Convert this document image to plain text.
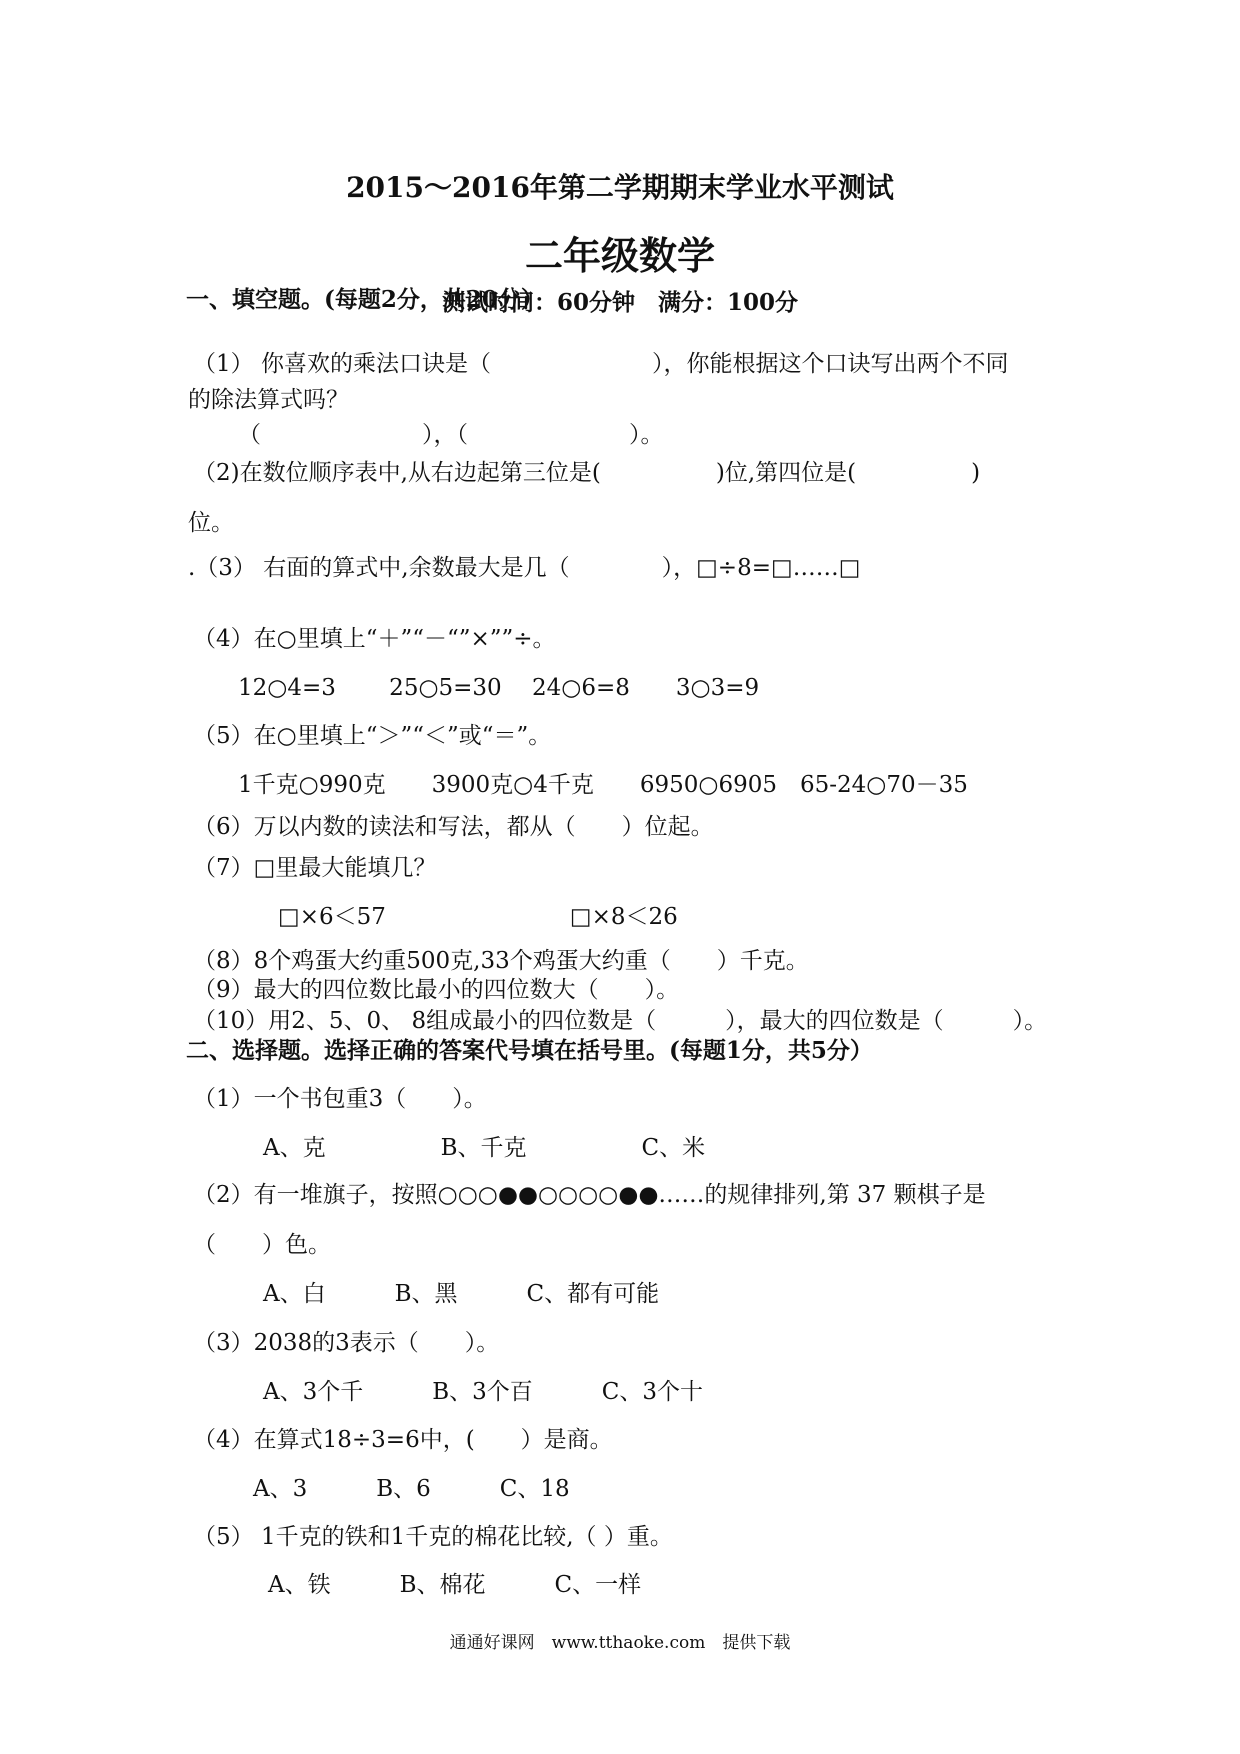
2015～2016年第二学期期末学业水平测试
二年级数学
测试时间：60分钟　满分：100分
一、填空题。(每题2分，共20分）
（1） 你喜欢的乘法口诀是（　　　　　　　），你能根据这个口诀写出两个不同
的除法算式吗？
（　　　　　　　），（　　　　　　　）。
（2)在数位顺序表中,从右边起第三位是(　　　　　)位,第四位是(　　　　　)
位。
.（3） 右面的算式中,余数最大是几（　　　　），□÷8=□……□
（4）在○里填上“＋”“－“”×””÷。
12○4=3　　 25○5=30　 24○6=8　　3○3=9
（5）在○里填上“＞”“＜”或“＝”。
1千克○990克　　3900克○4千克　　6950○6905　65-24○70－35
（6）万以内数的读法和写法，都从（　　）位起。
（7）□里最大能填几？
□×6＜57　　　　　　　　□×8＜26
（8）8个鸡蛋大约重500克,33个鸡蛋大约重（　　）千克。
（9）最大的四位数比最小的四位数大（　　）。
（10）用2、5、0、 8组成最小的四位数是（　　　），最大的四位数是（　　　）。
二、选择题。选择正确的答案代号填在括号里。(每题1分，共5分）
（1）一个书包重3（　　）。
A、克　　　　　B、千克　　　　　C、米
（2）有一堆旗子，按照○○○●●○○○○●●……的规律排列,第 37 颗棋子是
（　　）色。
A、白　　　B、黑　　　C、都有可能
（3）2038的3表示（　　）。
A、3个千　　　B、3个百　　　C、3个十
（4）在算式18÷3=6中，(　　）是商。
A、3　　　B、6　　　C、18
（5） 1千克的铁和1千克的棉花比较,（ ）重。
A、铁　　　B、棉花　　　C、一样
通通好课网　www.tthaoke.com　提供下载
